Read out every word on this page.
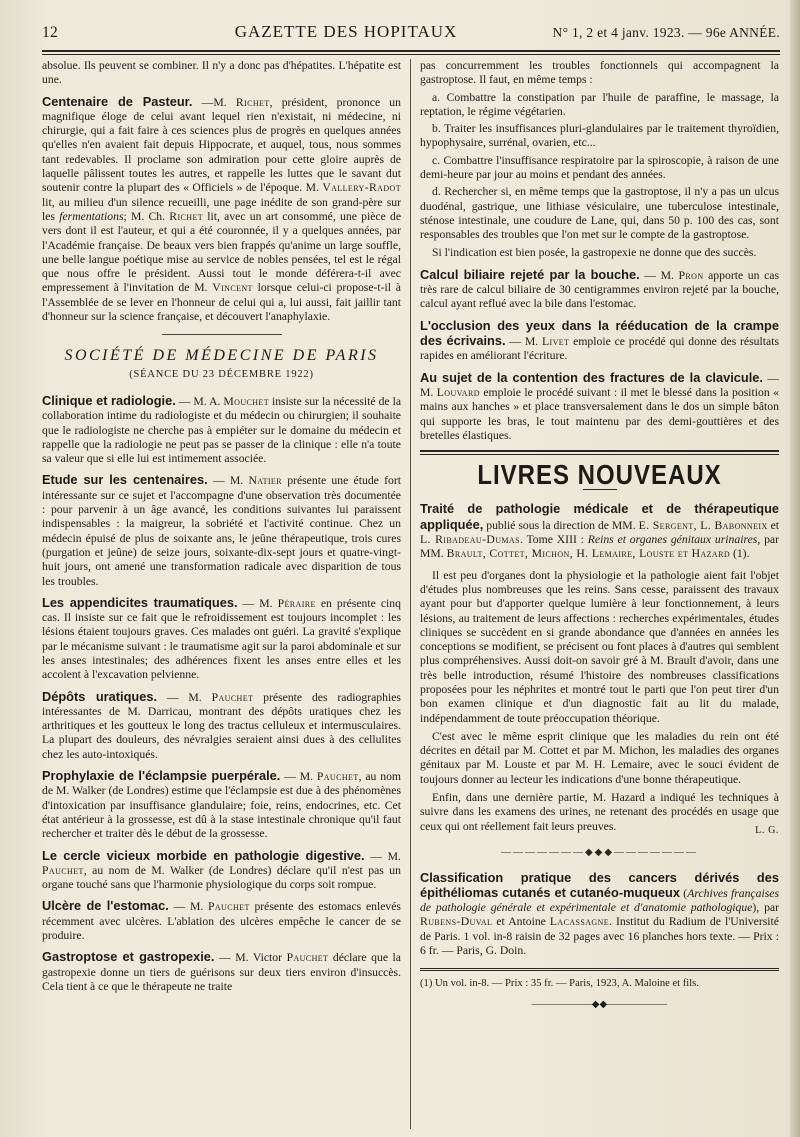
12	GAZETTE DES HOPITAUX	N° 1, 2 et 4 janv. 1923. — 96e ANNÉE.

absolue. Ils peuvent se combiner. Il n'y a donc pas d'hépatites. L'hépatite est une.

Centenaire de Pasteur. —M. Richet, président, prononce un magnifique éloge de celui avant lequel rien n'existait, ni médecine, ni chirurgie, qui a fait faire à ces sciences plus de progrès en quelques années qu'elles n'en avaient fait depuis Hippocrate, et auquel, tous, nous sommes tant redevables. Il proclame son admiration pour cette gloire auprès de laquelle pâlissent toutes les autres, et rappelle les luttes que le savant dut soutenir contre la plupart des « Officiels » de l'époque. M. Vallery-Radot lit, au milieu d'un silence recueilli, une page inédite de son grand-père sur les fermentations; M. Ch. Richet lit, avec un art consommé, une pièce de vers dont il est l'auteur, et qui a été couronnée, il y a quelques années, par l'Académie française. De beaux vers bien frappés qu'anime un large souffle, une belle langue poétique mise au service de nobles pensées, tel est le régal que nous offre le président. Aussi tout le monde déférera-t-il avec empressement à l'invitation de M. Vincent lorsque celui-ci propose-t-il à l'Assemblée de se lever en l'honneur de celui qui a, lui aussi, fait jaillir tant d'honneur sur la science française, et découvert l'anaphylaxie.

SOCIÉTÉ DE MÉDECINE DE PARIS
(SÉANCE DU 23 DÉCEMBRE 1922)

Clinique et radiologie. — M. A. Mouchet insiste sur la nécessité de la collaboration intime du radiologiste et du médecin ou chirurgien; il souhaite que le radiologiste ne cherche pas à empiéter sur le domaine du médecin et rappelle que la radiologie ne peut pas se passer de la clinique : elle n'a toute sa valeur que si elle lui est intimement associée.

Etude sur les centenaires. — M. Natier présente une étude fort intéressante sur ce sujet et l'accompagne d'une observation très documentée : pour parvenir à un âge avancé, les conditions suivantes lui paraissent indispensables : la maigreur, la sobriété et l'activité continue. Chez un médecin épuisé de plus de soixante ans, le jeûne thérapeutique, trois cures (purgation et jeûne) de seize jours, soixante-dix-sept jours et quatre-vingt-huit jours, ont amené une transformation radicale avec disparition de tous les troubles.

Les appendicites traumatiques. — M. Péraire en présente cinq cas. Il insiste sur ce fait que le refroidissement est toujours incomplet : les lésions étaient toujours graves. Ces malades ont guéri. La gravité s'explique par le mécanisme suivant : le traumatisme agit sur la paroi abdominale et sur les anses intestinales; des adhérences fixent les anses entre elles et les accolent à l'excavation pelvienne.

Dépôts uratiques. — M. Pauchet présente des radiographies intéressantes de M. Darricau, montrant des dépôts uratiques chez les arthritiques et les goutteux le long des tractus celluleux et intermusculaires. La plupart des douleurs, des névralgies seraient ainsi dues à des cellulites chez les auto-intoxiqués.

Prophylaxie de l'éclampsie puerpérale. — M. Pauchet, au nom de M. Walker (de Londres) estime que l'éclampsie est due à des phénomènes d'intoxication par insuffisance glandulaire; foie, reins, endocrines, etc. Cet état antérieur à la grossesse, est dû à la stase intestinale chronique qu'il faut rechercher et traiter dès le début de la grossesse.

Le cercle vicieux morbide en pathologie digestive. — M. Pauchet, au nom de M. Walker (de Londres) déclare qu'il n'est pas un organe touché sans que l'harmonie physiologique du corps soit rompue.

Ulcère de l'estomac. — M. Pauchet présente des estomacs enlevés récemment avec ulcères. L'ablation des ulcères empêche le cancer de se produire.

Gastroptose et gastropexie. — M. Victor Pauchet déclare que la gastropexie donne un tiers de guérisons sur deux tiers environ d'insuccès. Cela tient à ce que le thérapeute ne traite

pas concurremment les troubles fonctionnels qui accompagnent la gastroptose. Il faut, en même temps :

a. Combattre la constipation par l'huile de paraffine, le massage, la reptation, le régime végétarien.

b. Traiter les insuffisances pluri-glandulaires par le traitement thyroïdien, hypophysaire, surrénal, ovarien, etc...

c. Combattre l'insuffisance respiratoire par la spiroscopie, à raison de une demi-heure par jour au moins et pendant des années.

d. Rechercher si, en même temps que la gastroptose, il n'y a pas un ulcus duodénal, gastrique, une lithiase vésiculaire, une tuberculose intestinale, sténose intestinale, une coudure de Lane, qui, dans 50 p. 100 des cas, sont responsables des troubles que l'on met sur le compte de la gastroptose.

Si l'indication est bien posée, la gastropexie ne donne que des succès.

Calcul biliaire rejeté par la bouche. — M. Pron apporte un cas très rare de calcul biliaire de 30 centigrammes environ rejeté par la bouche, calcul ayant reflué avec la bile dans l'estomac.

L'occlusion des yeux dans la rééducation de la crampe des écrivains. — M. Livet emploie ce procédé qui donne des résultats rapides en améliorant l'écriture.

Au sujet de la contention des fractures de la clavicule. — M. Louvard emploie le procédé suivant : il met le blessé dans la position « mains aux hanches » et place transversalement dans le dos un simple bâton qui supporte les bras, le tout maintenu par des demi-gouttières et des bretelles élastiques.

LIVRES NOUVEAUX

Traité de pathologie médicale et de thérapeutique appliquée, publié sous la direction de MM. E. Sergent, L. Babonneix et L. Ribadeau-Dumas. Tome XIII : Reins et organes génitaux urinaires, par MM. Brault, Cottet, Michon, H. Lemaire, Louste et Hazard (1).

Il est peu d'organes dont la physiologie et la pathologie aient fait l'objet d'études plus nombreuses que les reins. Sans cesse, paraissent des travaux ayant pour but d'apporter quelque lumière à leur fonctionnement, à leurs lésions, au traitement de leurs affections : recherches expérimentales, études cliniques se succèdent en si grande abondance que d'années en années les conceptions se modifient, se précisent ou font places à d'autres qui semblent plus compréhensives. Aussi doit-on savoir gré à M. Brault d'avoir, dans une très belle introduction, résumé l'histoire des nombreuses classifications proposées pour les néphrites et montré tout le parti que l'on peut tirer d'un bon examen clinique et d'un diagnostic fait au lit du malade, indépendamment de toute préoccupation théorique.

C'est avec le même esprit clinique que les maladies du rein ont été décrites en détail par M. Cottet et par M. Michon, les maladies des organes génitaux par M. Louste et par M. H. Lemaire, avec le souci évident de toujours donner au lecteur les indications d'une bonne thérapeutique.

Enfin, dans une dernière partie, M. Hazard a indiqué les techniques à suivre dans les examens des urines, ne retenant des procédés en usage que ceux qui ont réellement fait leurs preuves.	L. G.
———————◆◆◆———————

Classification pratique des cancers dérivés des épithéliomas cutanés et cutanéo-muqueux (Archives françaises de pathologie générale et expérimentale et d'anatomie pathologique), par Rubens-Duval et Antoine Lacassagne. Institut du Radium de l'Université de Paris. 1 vol. in-8 raisin de 32 pages avec 16 planches hors texte. — Prix : 6 fr. — Paris, G. Doin.

(1) Un vol. in-8. — Prix : 35 fr. — Paris, 1923, A. Maloine et fils.

——————◆◆——————
